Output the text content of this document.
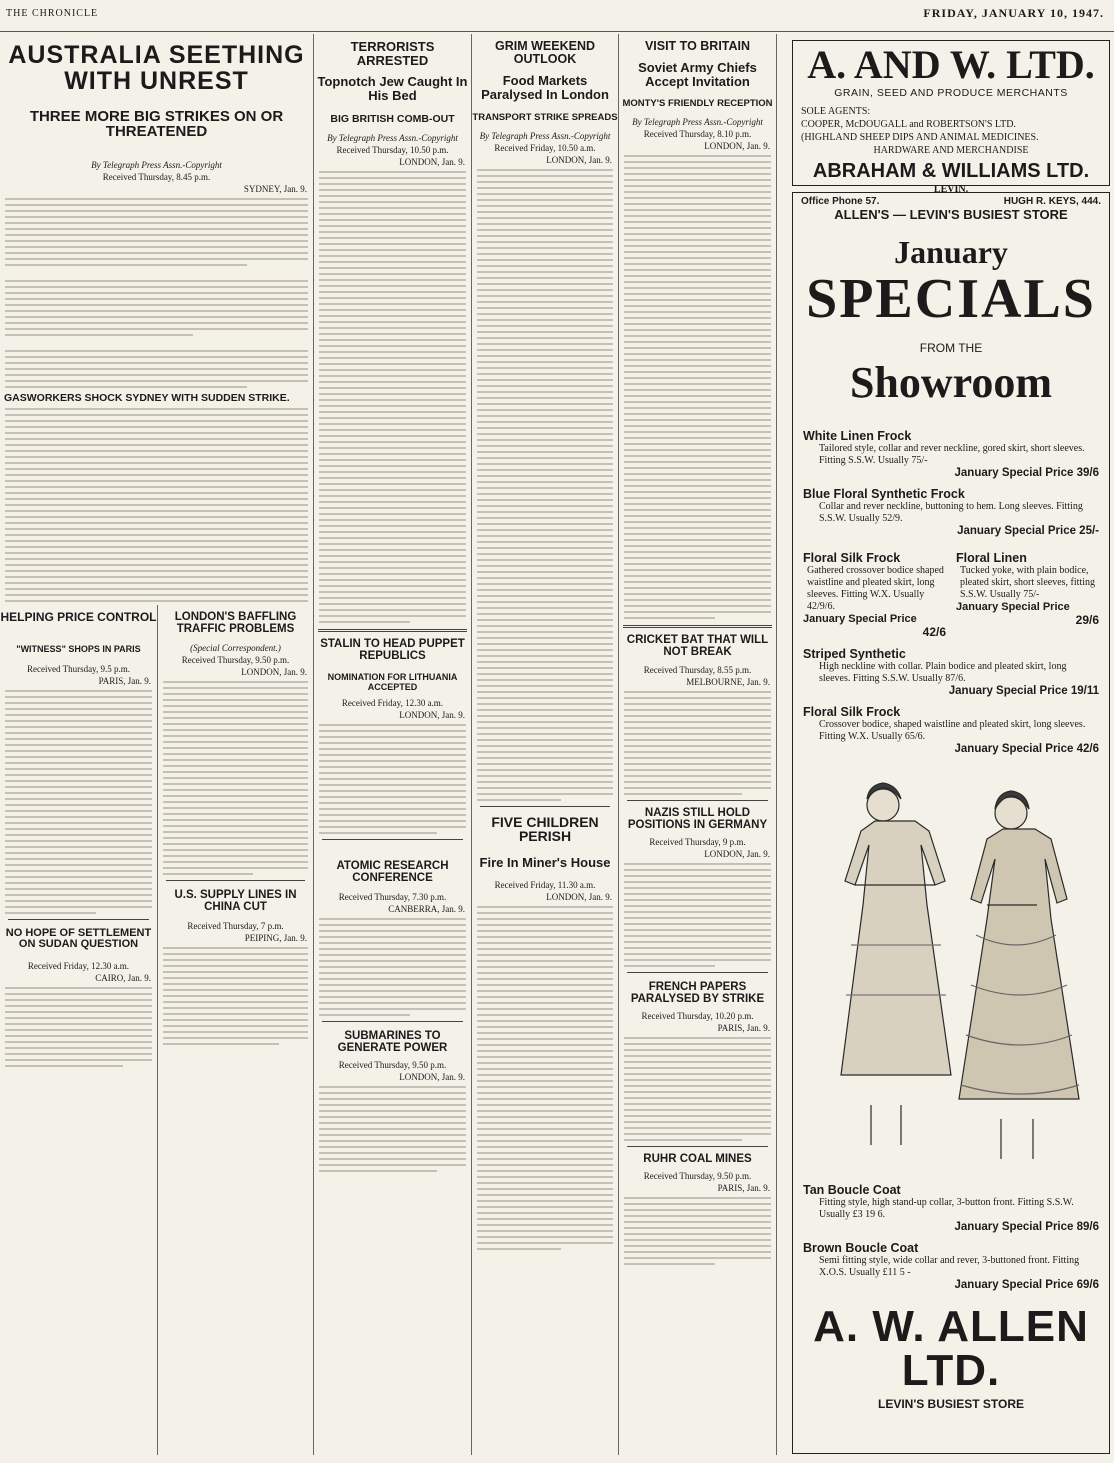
THE CHRONICLE	FRIDAY, JANUARY 10, 1947.
AUSTRALIA SEETHING WITH UNREST
THREE MORE BIG STRIKES ON OR THREATENED
By Telegraph Press Assn.-Copyright
Received Thursday, 8.45 p.m.
SYDNEY, Jan. 9.
GASWORKERS SHOCK SYDNEY WITH SUDDEN STRIKE.
HELPING PRICE CONTROL
"WITNESS" SHOPS IN PARIS
Received Thursday, 9.5 p.m.
PARIS, Jan. 9.
NO HOPE OF SETTLEMENT ON SUDAN QUESTION
Received Friday, 12.30 a.m.
CAIRO, Jan. 9.
LONDON'S BAFFLING TRAFFIC PROBLEMS
(Special Correspondent.)
Received Thursday, 9.50 p.m.
LONDON, Jan. 9.
U.S. SUPPLY LINES IN CHINA CUT
Received Thursday, 7 p.m.
PEIPING, Jan. 9.
TERRORISTS ARRESTED
Topnotch Jew Caught In His Bed
BIG BRITISH COMB-OUT
By Telegraph Press Assn.-Copyright
Received Thursday, 10.50 p.m.
LONDON, Jan. 9.
STALIN TO HEAD PUPPET REPUBLICS
NOMINATION FOR LITHUANIA ACCEPTED
Received Friday, 12.30 a.m.
LONDON, Jan. 9.
ATOMIC RESEARCH CONFERENCE
Received Thursday, 7.30 p.m.
CANBERRA, Jan. 9.
SUBMARINES TO GENERATE POWER
Received Thursday, 9.50 p.m.
LONDON, Jan. 9.
GRIM WEEKEND OUTLOOK
Food Markets Paralysed In London
TRANSPORT STRIKE SPREADS
By Telegraph Press Assn.-Copyright
Received Friday, 10.50 a.m.
LONDON, Jan. 9.
FIVE CHILDREN PERISH
Fire In Miner's House
Received Friday, 11.30 a.m.
LONDON, Jan. 9.
VISIT TO BRITAIN
Soviet Army Chiefs Accept Invitation
MONTY'S FRIENDLY RECEPTION
By Telegraph Press Assn.-Copyright
Received Thursday, 8.10 p.m.
LONDON, Jan. 9.
CRICKET BAT THAT WILL NOT BREAK
Received Thursday, 8.55 p.m.
MELBOURNE, Jan. 9.
NAZIS STILL HOLD POSITIONS IN GERMANY
Received Thursday, 9 p.m.
LONDON, Jan. 9.
FRENCH PAPERS PARALYSED BY STRIKE
Received Thursday, 10.20 p.m.
PARIS, Jan. 9.
RUHR COAL MINES
Received Thursday, 9.50 p.m.
PARIS, Jan. 9.
A. AND W. LTD.
GRAIN, SEED AND PRODUCE MERCHANTS
SOLE AGENTS:
COOPER, McDOUGALL and ROBERTSON'S LTD.
(HIGHLAND SHEEP DIPS AND ANIMAL MEDICINES.
HARDWARE AND MERCHANDISE
ABRAHAM & WILLIAMS LTD.
LEVIN.
Office Phone 57.	HUGH R. KEYS, 444.
ALLEN'S — LEVIN'S BUSIEST STORE
January
SPECIALS
FROM THE
Showroom
White Linen Frock
Tailored style, collar and rever neckline, gored skirt, short sleeves. Fitting S.S.W. Usually 75/-
January Special Price 39/6
Blue Floral Synthetic Frock
Collar and rever neckline, buttoning to hem. Long sleeves. Fitting S.S.W. Usually 52/9.
January Special Price 25/-
Floral Silk Frock
Gathered crossover bodice shaped waistline and pleated skirt, long sleeves. Fitting W.X. Usually 42/9/6.
January Special Price
42/6
Floral Linen
Tucked yoke, with plain bodice, pleated skirt, short sleeves, fitting S.S.W. Usually 75/-
January Special Price
29/6
Striped Synthetic
High neckline with collar. Plain bodice and pleated skirt, long sleeves. Fitting S.S.W. Usually 87/6.
January Special Price 19/11
Floral Silk Frock
Crossover bodice, shaped waistline and pleated skirt, long sleeves. Fitting W.X. Usually 65/6.
January Special Price 42/6
Tan Boucle Coat
Fitting style, high stand-up collar, 3-button front. Fitting S.S.W. Usually £3 19 6.
January Special Price 89/6
Brown Boucle Coat
Semi fitting style, wide collar and rever, 3-buttoned front. Fitting X.O.S. Usually £11 5 -
January Special Price 69/6
A. W. ALLEN LTD.
LEVIN'S BUSIEST STORE
